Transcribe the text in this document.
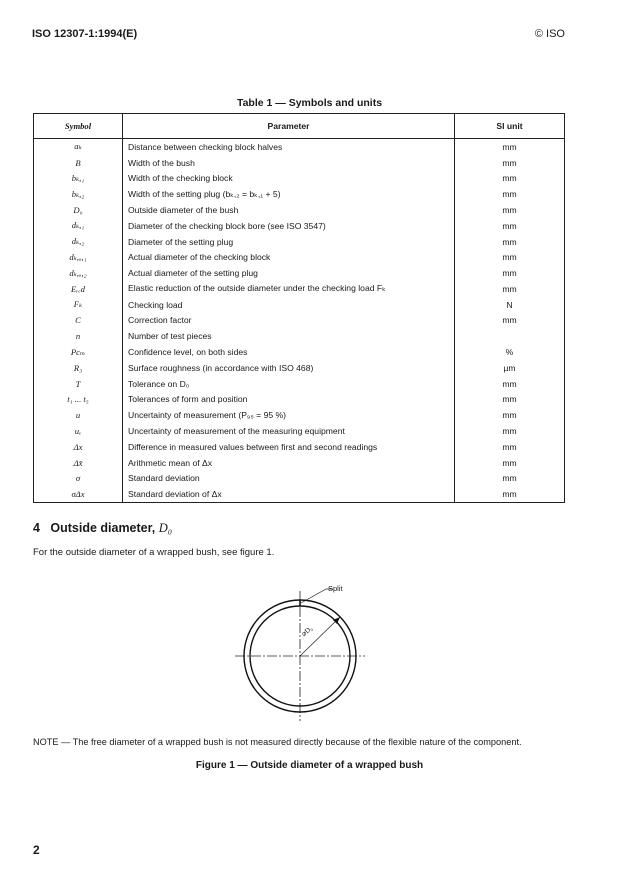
ISO 12307-1:1994(E)	© ISO
Table 1 — Symbols and units
Symbol	Parameter	SI unit
aₖ	Distance between checking block halves	mm
B	Width of the bush	mm
bₖ,₁	Width of the checking block	mm
bₖ,₂	Width of the setting plug (bₖ,₂ = bₖ,₁ + 5)	mm
D₀	Outside diameter of the bush	mm
dₖ,₁	Diameter of the checking block bore (see ISO 3547)	mm
dₖ,₂	Diameter of the setting plug	mm
dₖ,ₐ,₁	Actual diameter of the checking block	mm
dₖ,ₐ,₂	Actual diameter of the setting plug	mm
Eᵣₑd	Elastic reduction of the outside diameter under the checking load Fₖ	mm
Fₖ	Checking load	N
C	Correction factor	mm
n	Number of test pieces	
Pcₘ	Confidence level, on both sides	%
R₃	Surface roughness (in accordance with ISO 468)	µm
T	Tolerance on D₀	mm
t₁ ... t₅	Tolerances of form and position	mm
u	Uncertainty of measurement (P₉₅ = 95 %)	mm
uₑ	Uncertainty of measurement of the measuring equipment	mm
Δx	Difference in measured values between first and second readings	mm
Δx̄	Arithmetic mean of Δx	mm
σ	Standard deviation	mm
σΔx	Standard deviation of Δx	mm
4 Outside diameter, D₀
For the outside diameter of a wrapped bush, see figure 1.
Split
⌀D₀
NOTE — The free diameter of a wrapped bush is not measured directly because of the flexible nature of the component.
Figure 1 — Outside diameter of a wrapped bush
2
